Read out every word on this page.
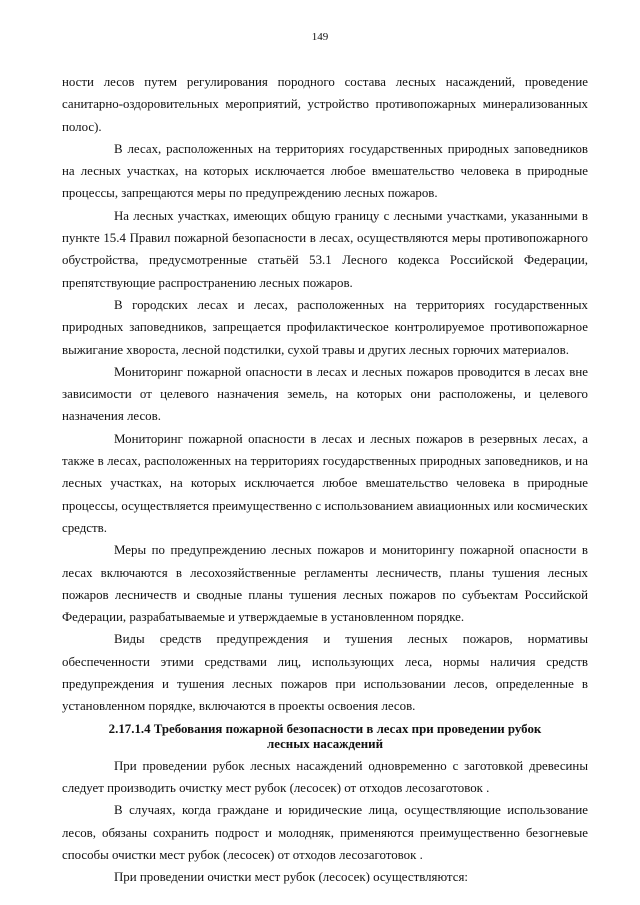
149

ности лесов путем регулирования породного состава лесных насаждений, проведение санитарно-оздоровительных мероприятий, устройство противопожарных минерализованных полос).

В лесах, расположенных на территориях государственных природных заповедников на лесных участках, на которых исключается любое вмешательство человека в природные процессы, запрещаются меры по предупреждению лесных пожаров.

На лесных участках, имеющих общую границу с лесными участками, указанными в пункте 15.4 Правил пожарной безопасности в лесах, осуществляются меры противопожарного обустройства, предусмотренные статьёй 53.1 Лесного кодекса Российской Федерации, препятствующие распространению лесных пожаров.

В городских лесах и лесах, расположенных на территориях государственных природных заповедников, запрещается профилактическое контролируемое противопожарное выжигание хвороста, лесной подстилки, сухой травы и других лесных горючих материалов.

Мониторинг пожарной опасности в лесах и лесных пожаров проводится в лесах вне зависимости от целевого назначения земель, на которых они расположены, и целевого назначения лесов.

Мониторинг пожарной опасности в лесах и лесных пожаров в резервных лесах, а также в лесах, расположенных на территориях государственных природных заповедников, и на лесных участках, на которых исключается любое вмешательство человека в природные процессы, осуществляется преимущественно с использованием авиационных или космических средств.

Меры по предупреждению лесных пожаров и мониторингу пожарной опасности в лесах включаются в лесохозяйственные регламенты лесничеств, планы тушения лесных пожаров лесничеств и сводные планы тушения лесных пожаров по субъектам Российской Федерации, разрабатываемые и утверждаемые в установленном порядке.

Виды средств предупреждения и тушения лесных пожаров, нормативы обеспеченности этими средствами лиц, использующих леса, нормы наличия средств предупреждения и тушения лесных пожаров при использовании лесов, определенные в установленном порядке, включаются в проекты освоения лесов.

2.17.1.4 Требования пожарной безопасности в лесах при проведении рубок
лесных насаждений

При проведении рубок лесных насаждений одновременно с заготовкой древесины следует производить очистку мест рубок (лесосек) от отходов лесозаготовок .

В случаях, когда граждане и юридические лица, осуществляющие использование лесов, обязаны сохранить подрост и молодняк, применяются преимущественно безогневые способы очистки мест рубок (лесосек) от отходов лесозаготовок .

При проведении очистки мест рубок (лесосек) осуществляются:
